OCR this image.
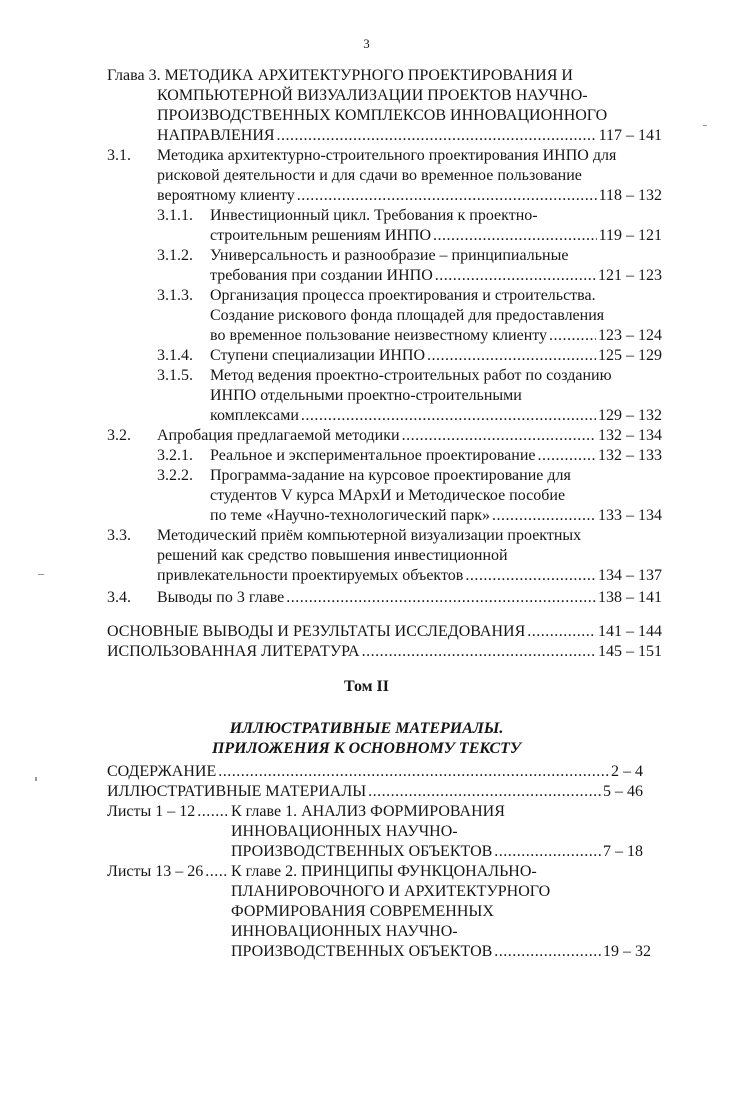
3
Глава 3. МЕТОДИКА АРХИТЕКТУРНОГО ПРОЕКТИРОВАНИЯ И
КОМПЬЮТЕРНОЙ ВИЗУАЛИЗАЦИИ ПРОЕКТОВ НАУЧНО-
ПРОИЗВОДСТВЕННЫХ КОМПЛЕКСОВ ИННОВАЦИОННОГО
НАПРАВЛЕНИЯ .....	117 – 141
3.1. Методика архитектурно-строительного проектирования ИНПО для
рисковой деятельности и для сдачи во временное пользование
вероятному клиенту .....	118 – 132
3.1.1. Инвестиционный цикл. Требования к проектно-
строительным решениям ИНПО .....	119 – 121
3.1.2. Универсальность и разнообразие – принципиальные
требования при создании ИНПО .....	121 – 123
3.1.3. Организация процесса проектирования и строительства.
Создание рискового фонда площадей для предоставления
во временное пользование неизвестному клиенту .....	123 – 124
3.1.4. Ступени специализации ИНПО .....	125 – 129
3.1.5. Метод ведения проектно-строительных работ по созданию
ИНПО отдельными проектно-строительными
комплексами .....	129 – 132
3.2. Апробация предлагаемой методики .....	132 – 134
3.2.1. Реальное и экспериментальное проектирование .....	132 – 133
3.2.2. Программа-задание на курсовое проектирование для
студентов V курса МАрхИ и Методическое пособие
по теме «Научно-технологический парк» .....	133 – 134
3.3. Методический приём компьютерной визуализации проектных
решений как средство повышения инвестиционной
привлекательности проектируемых объектов .....	134 – 137
3.4. Выводы по 3 главе .....	138 – 141
ОСНОВНЫЕ ВЫВОДЫ И РЕЗУЛЬТАТЫ ИССЛЕДОВАНИЯ .....	141 – 144
ИСПОЛЬЗОВАННАЯ ЛИТЕРАТУРА .....	145 – 151
Том II
ИЛЛЮСТРАТИВНЫЕ МАТЕРИАЛЫ.
ПРИЛОЖЕНИЯ К ОСНОВНОМУ ТЕКСТУ
СОДЕРЖАНИЕ .....	2 – 4
ИЛЛЮСТРАТИВНЫЕ МАТЕРИАЛЫ .....	5 – 46
Листы 1 – 12 ..... К главе 1. АНАЛИЗ ФОРМИРОВАНИЯ
ИННОВАЦИОННЫХ НАУЧНО-
ПРОИЗВОДСТВЕННЫХ ОБЪЕКТОВ .....	7 – 18
Листы 13 – 26 ..... К главе 2. ПРИНЦИПЫ ФУНКЦОНАЛЬНО-
ПЛАНИРОВОЧНОГО И АРХИТЕКТУРНОГО
ФОРМИРОВАНИЯ СОВРЕМЕННЫХ
ИННОВАЦИОННЫХ НАУЧНО-
ПРОИЗВОДСТВЕННЫХ ОБЪЕКТОВ .....	19 – 32
